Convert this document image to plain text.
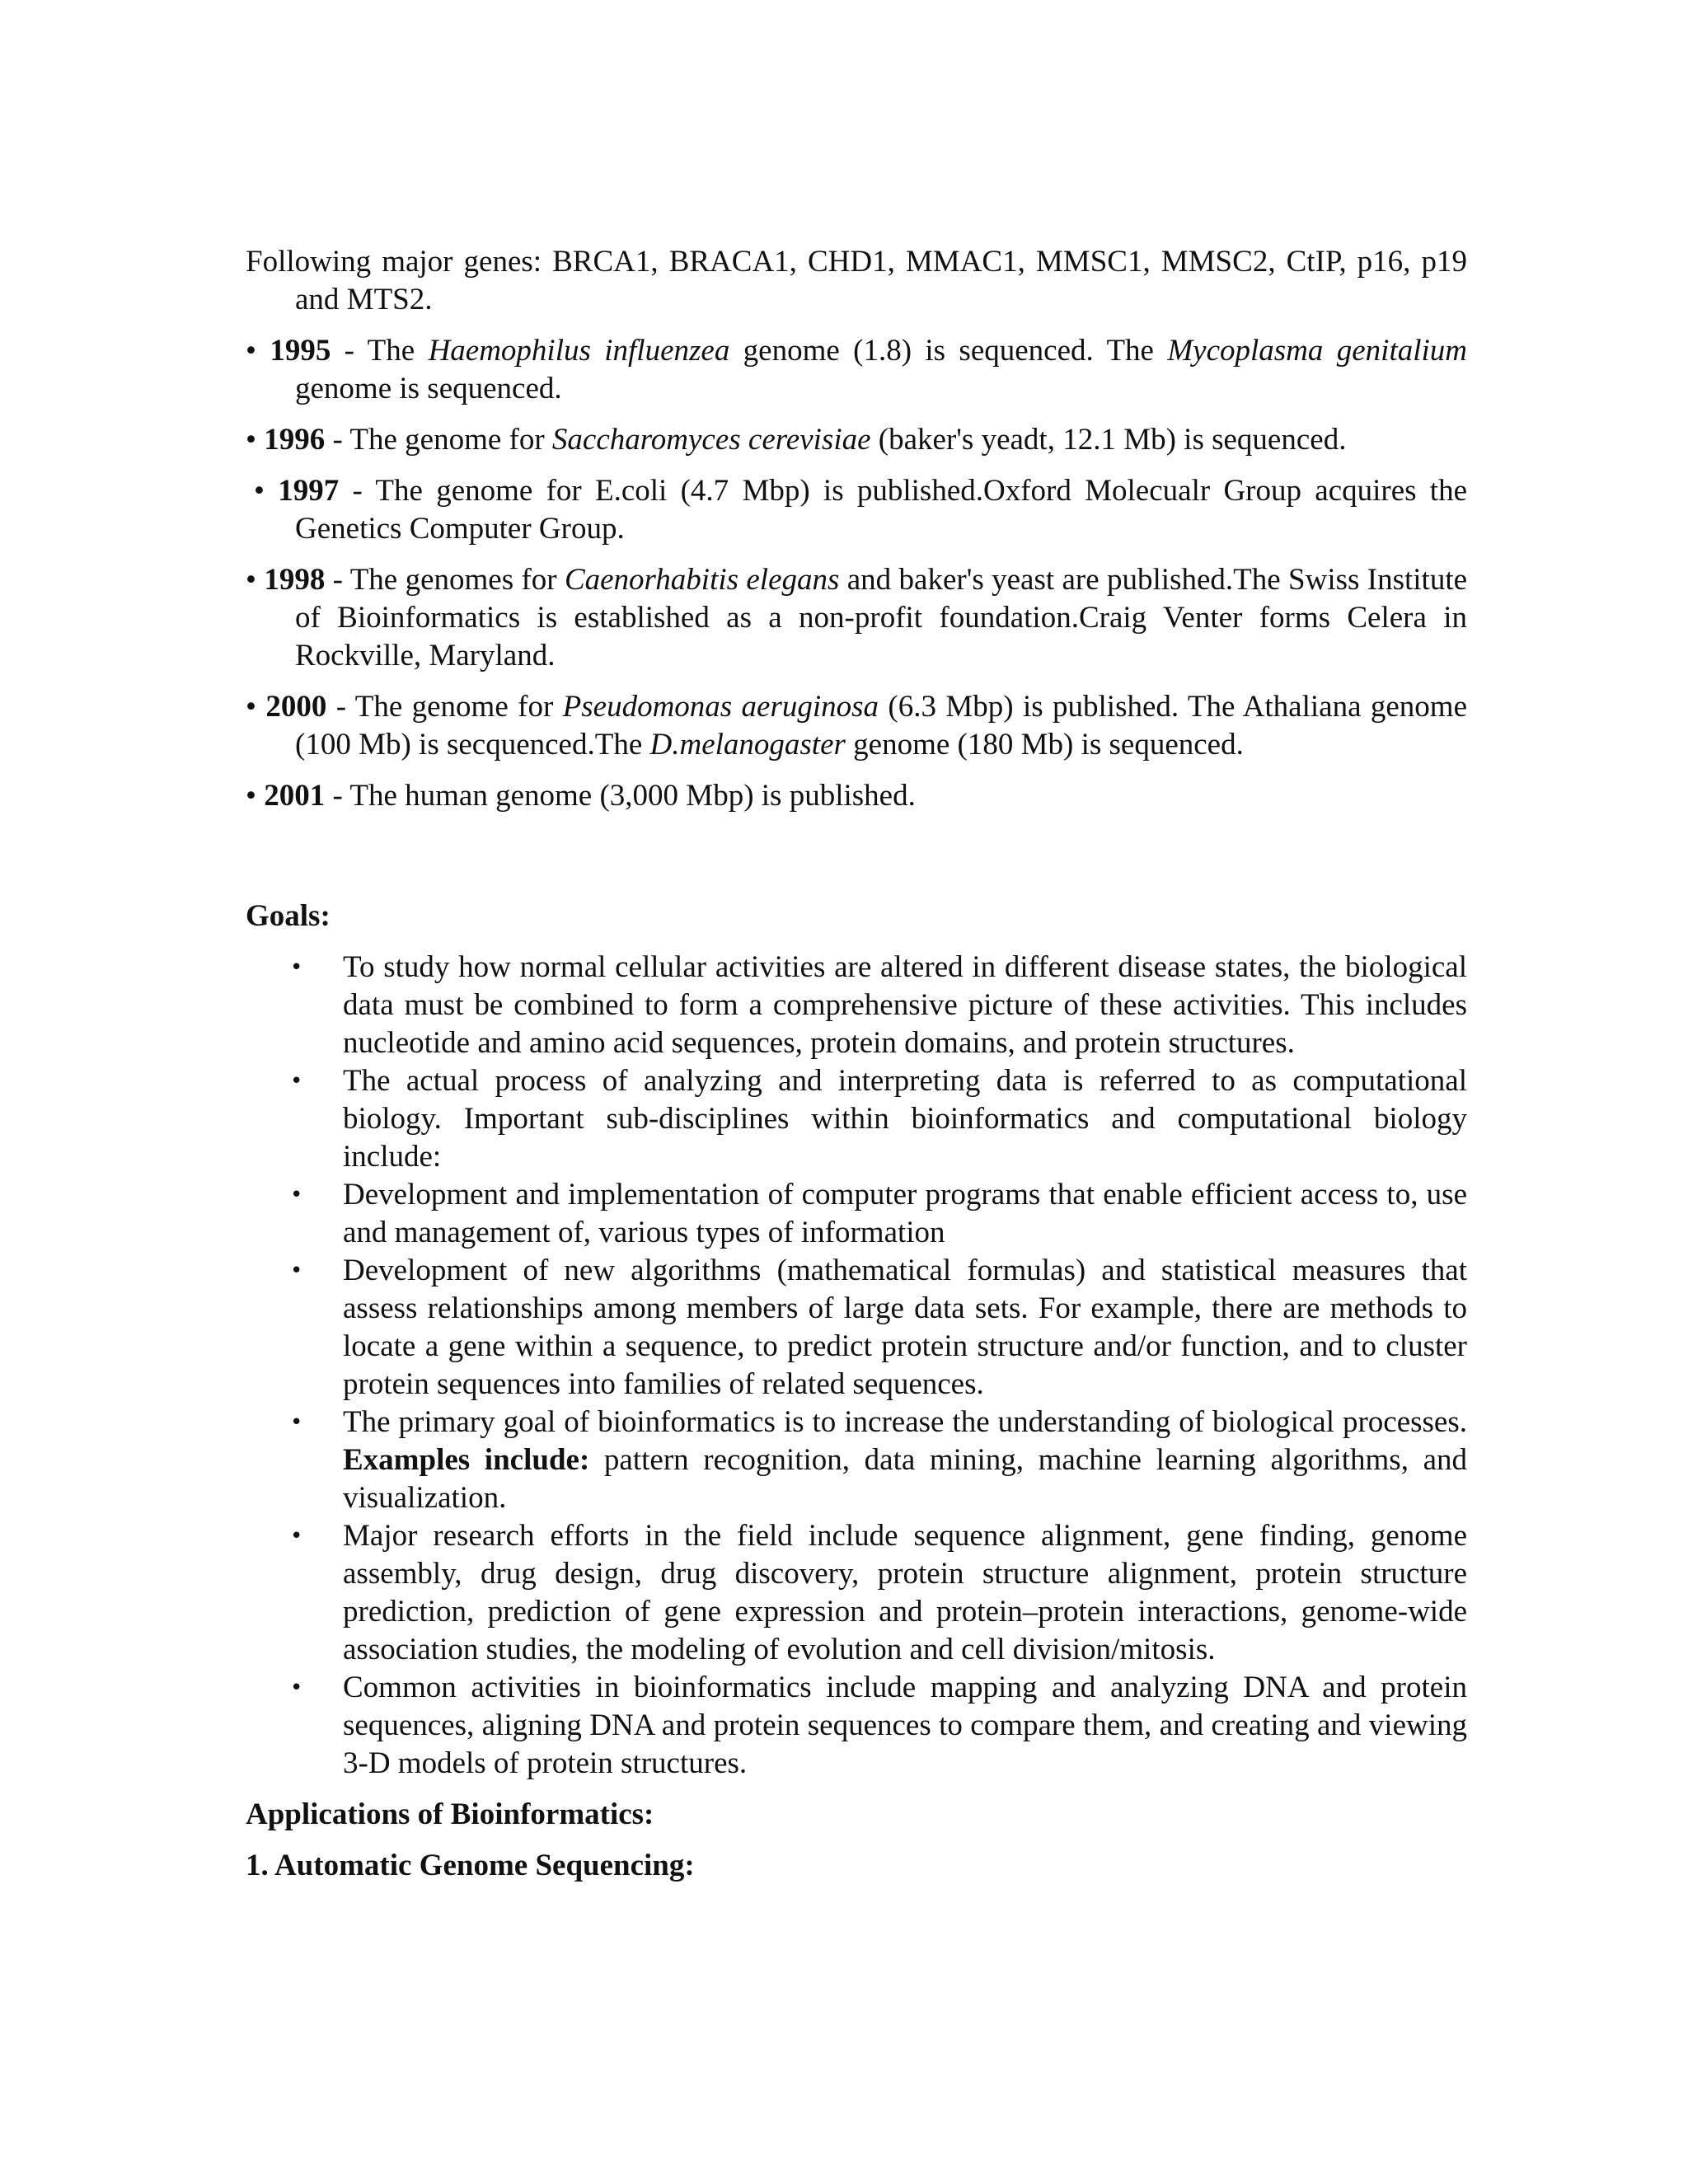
Following major genes: BRCA1, BRACA1, CHD1, MMAC1, MMSC1, MMSC2, CtIP, p16, p19 and MTS2.

• 1995 - The Haemophilus influenzea genome (1.8) is sequenced. The Mycoplasma genitalium genome is sequenced.

• 1996 - The genome for Saccharomyces cerevisiae (baker's yeadt, 12.1 Mb) is sequenced.

• 1997 - The genome for E.coli (4.7 Mbp) is published.Oxford Molecualr Group acquires the Genetics Computer Group.

• 1998 - The genomes for Caenorhabitis elegans and baker's yeast are published.The Swiss Institute of Bioinformatics is established as a non-profit foundation.Craig Venter forms Celera in Rockville, Maryland.

• 2000 - The genome for Pseudomonas aeruginosa (6.3 Mbp) is published. The Athaliana genome (100 Mb) is secquenced.The D.melanogaster genome (180 Mb) is sequenced.

• 2001 - The human genome (3,000 Mbp) is published.

Goals:

• To study how normal cellular activities are altered in different disease states, the biological data must be combined to form a comprehensive picture of these activities. This includes nucleotide and amino acid sequences, protein domains, and protein structures.
• The actual process of analyzing and interpreting data is referred to as computational biology. Important sub-disciplines within bioinformatics and computational biology include:
• Development and implementation of computer programs that enable efficient access to, use and management of, various types of information
• Development of new algorithms (mathematical formulas) and statistical measures that assess relationships among members of large data sets. For example, there are methods to locate a gene within a sequence, to predict protein structure and/or function, and to cluster protein sequences into families of related sequences.
• The primary goal of bioinformatics is to increase the understanding of biological processes. Examples include: pattern recognition, data mining, machine learning algorithms, and visualization.
• Major research efforts in the field include sequence alignment, gene finding, genome assembly, drug design, drug discovery, protein structure alignment, protein structure prediction, prediction of gene expression and protein–protein interactions, genome-wide association studies, the modeling of evolution and cell division/mitosis.
• Common activities in bioinformatics include mapping and analyzing DNA and protein sequences, aligning DNA and protein sequences to compare them, and creating and viewing 3-D models of protein structures.

Applications of Bioinformatics:

1. Automatic Genome Sequencing:
